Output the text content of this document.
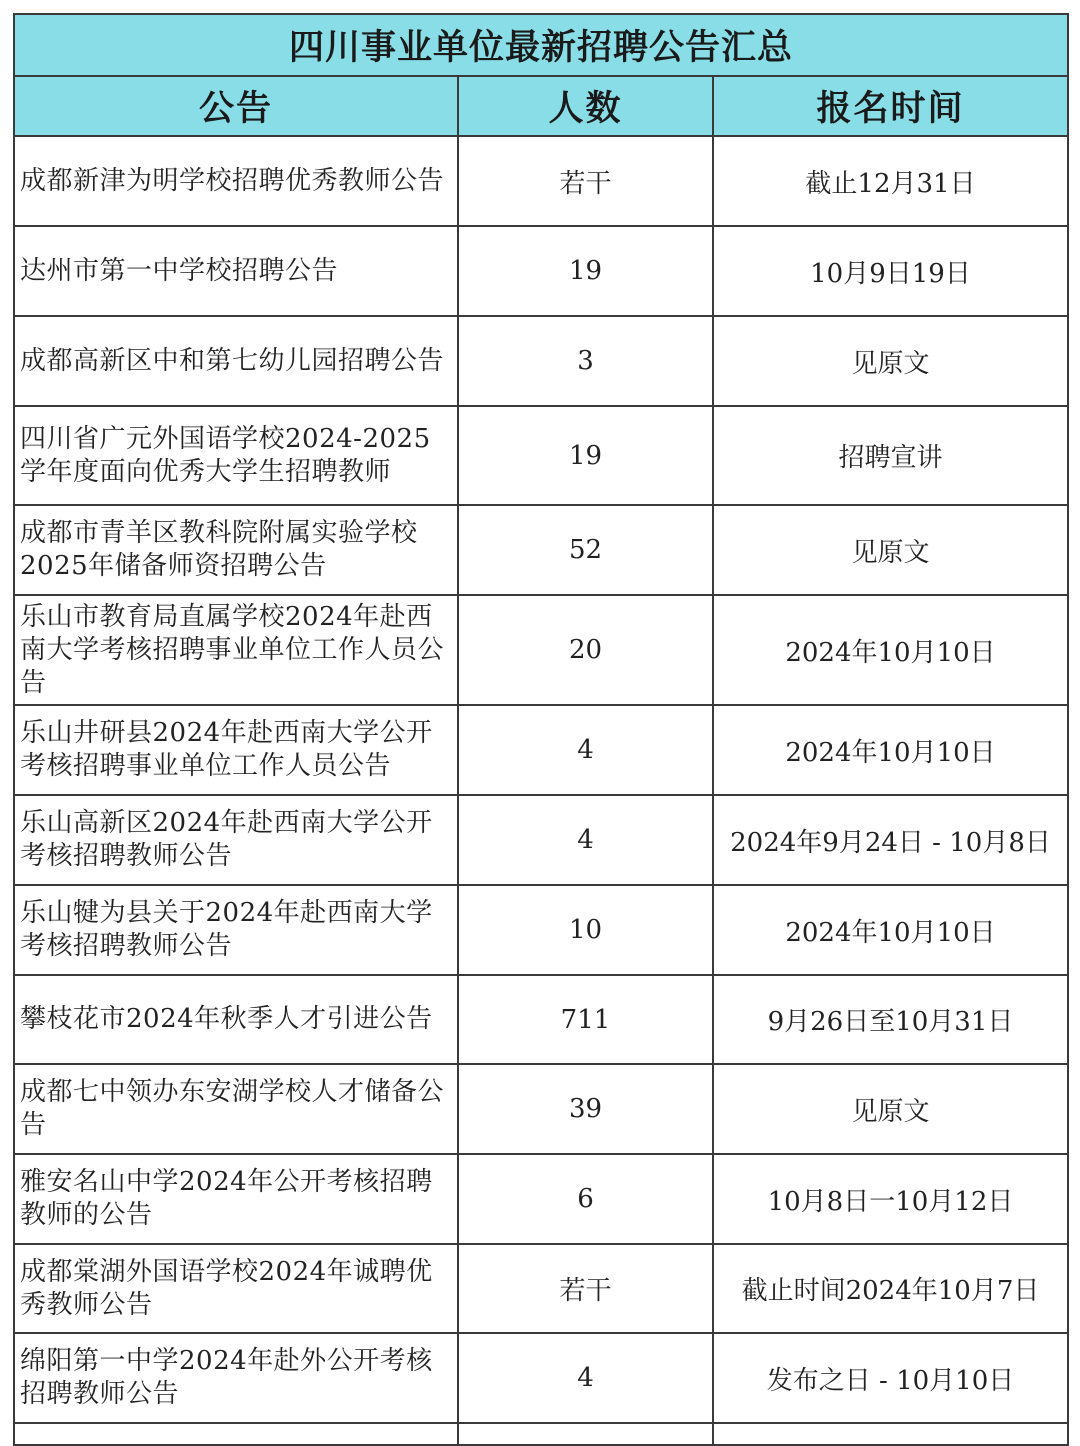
四川事业单位最新招聘公告汇总		
公告	人数	报名时间
成都新津为明学校招聘优秀教师公告	若干	截止12月31日
达州市第一中学校招聘公告	19	10月9日19日
成都高新区中和第七幼儿园招聘公告	3	见原文
四川省广元外国语学校2024-2025学年度面向优秀大学生招聘教师	19	招聘宣讲
成都市青羊区教科院附属实验学校2025年储备师资招聘公告	52	见原文
乐山市教育局直属学校2024年赴西南大学考核招聘事业单位工作人员公告	20	2024年10月10日
乐山井研县2024年赴西南大学公开考核招聘事业单位工作人员公告	4	2024年10月10日
乐山高新区2024年赴西南大学公开考核招聘教师公告	4	2024年9月24日 - 10月8日
乐山犍为县关于2024年赴西南大学考核招聘教师公告	10	2024年10月10日
攀枝花市2024年秋季人才引进公告	711	9月26日至10月31日
成都七中领办东安湖学校人才储备公告	39	见原文
雅安名山中学2024年公开考核招聘教师的公告	6	10月8日一10月12日
成都棠湖外国语学校2024年诚聘优秀教师公告	若干	截止时间2024年10月7日
绵阳第一中学2024年赴外公开考核招聘教师公告	4	发布之日 - 10月10日
